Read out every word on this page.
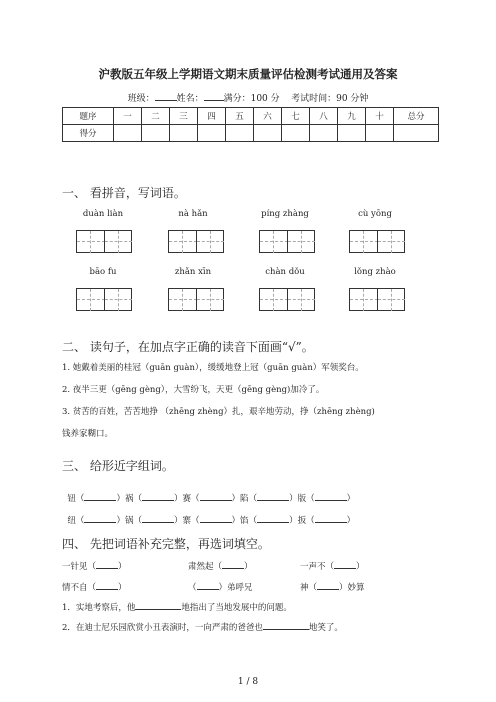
沪教版五年级上学期语文期末质量评估检测考试通用及答案
班级： 姓名： 满分：100 分 考试时间：90 分钟
题序	一	二	三	四	五	六	七	八	九	十	总分
得分											
一、 看拼音，写词语。
duàn liàn	nà hǎn	píng zhàng	cù yōng
bāo fu	zhǎn xīn	chàn dǒu	lǒng zhào
二、 读句子，在加点字正确的读音下面画“√”。
1. 她戴着美丽的桂冠（guān guàn），缓缓地登上冠（guān guàn）军领奖台。
2. 夜半三更（gēng gèng），大雪纷飞，天更（gēng gèng)加冷了。
3. 贫苦的百姓，苦苦地挣 （zhēng zhèng）扎，艰辛地劳动，挣（zhēng zhèng)
钱养家糊口。
三、 给形近字组词。

钮（	）祸（	）赛（	）陷（	）版（	）

纽（	）锅（	）寨（	）馅（	）扳（	）

四、 先把词语补充完整，再选词填空。
一针见（	）	肃然起（	）	一声不（	）
情不自（	）	（	）弟呼兄	神（	）妙算
1．实地考察后，他	地指出了当地发展中的问题。
2．在迪士尼乐园欣赏小丑表演时，一向严肃的爸爸也	地笑了。
1 / 8
